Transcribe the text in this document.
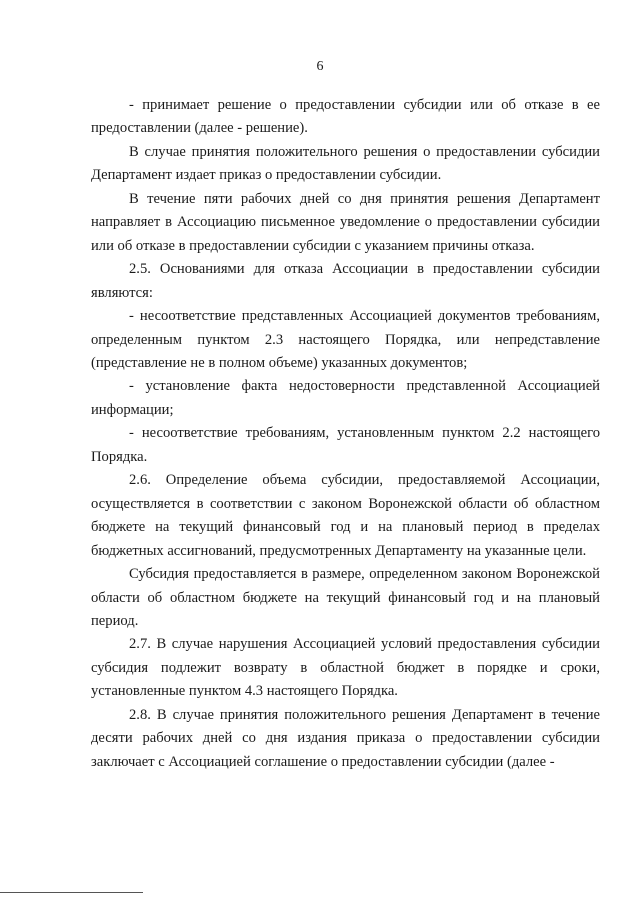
6

- принимает решение о предоставлении субсидии или об отказе в ее предоставлении (далее - решение).

В случае принятия положительного решения о предоставлении субсидии Департамент издает приказ о предоставлении субсидии.

В течение пяти рабочих дней со дня принятия решения Департамент направляет в Ассоциацию письменное уведомление о предоставлении субсидии или об отказе в предоставлении субсидии с указанием причины отказа.

2.5. Основаниями для отказа Ассоциации в предоставлении субсидии являются:

- несоответствие представленных Ассоциацией документов требованиям, определенным пунктом 2.3 настоящего Порядка, или непредставление (представление не в полном объеме) указанных документов;

- установление факта недостоверности представленной Ассоциацией информации;

- несоответствие требованиям, установленным пунктом 2.2 настоящего Порядка.

2.6. Определение объема субсидии, предоставляемой Ассоциации, осуществляется в соответствии с законом Воронежской области об областном бюджете на текущий финансовый год и на плановый период в пределах бюджетных ассигнований, предусмотренных Департаменту на указанные цели.

Субсидия предоставляется в размере, определенном законом Воронежской области об областном бюджете на текущий финансовый год и на плановый период.

2.7. В случае нарушения Ассоциацией условий предоставления субсидии субсидия подлежит возврату в областной бюджет в порядке и сроки, установленные пунктом 4.3 настоящего Порядка.

2.8. В случае принятия положительного решения Департамент в течение десяти рабочих дней со дня издания приказа о предоставлении субсидии заключает с Ассоциацией соглашение о предоставлении субсидии (далее -
